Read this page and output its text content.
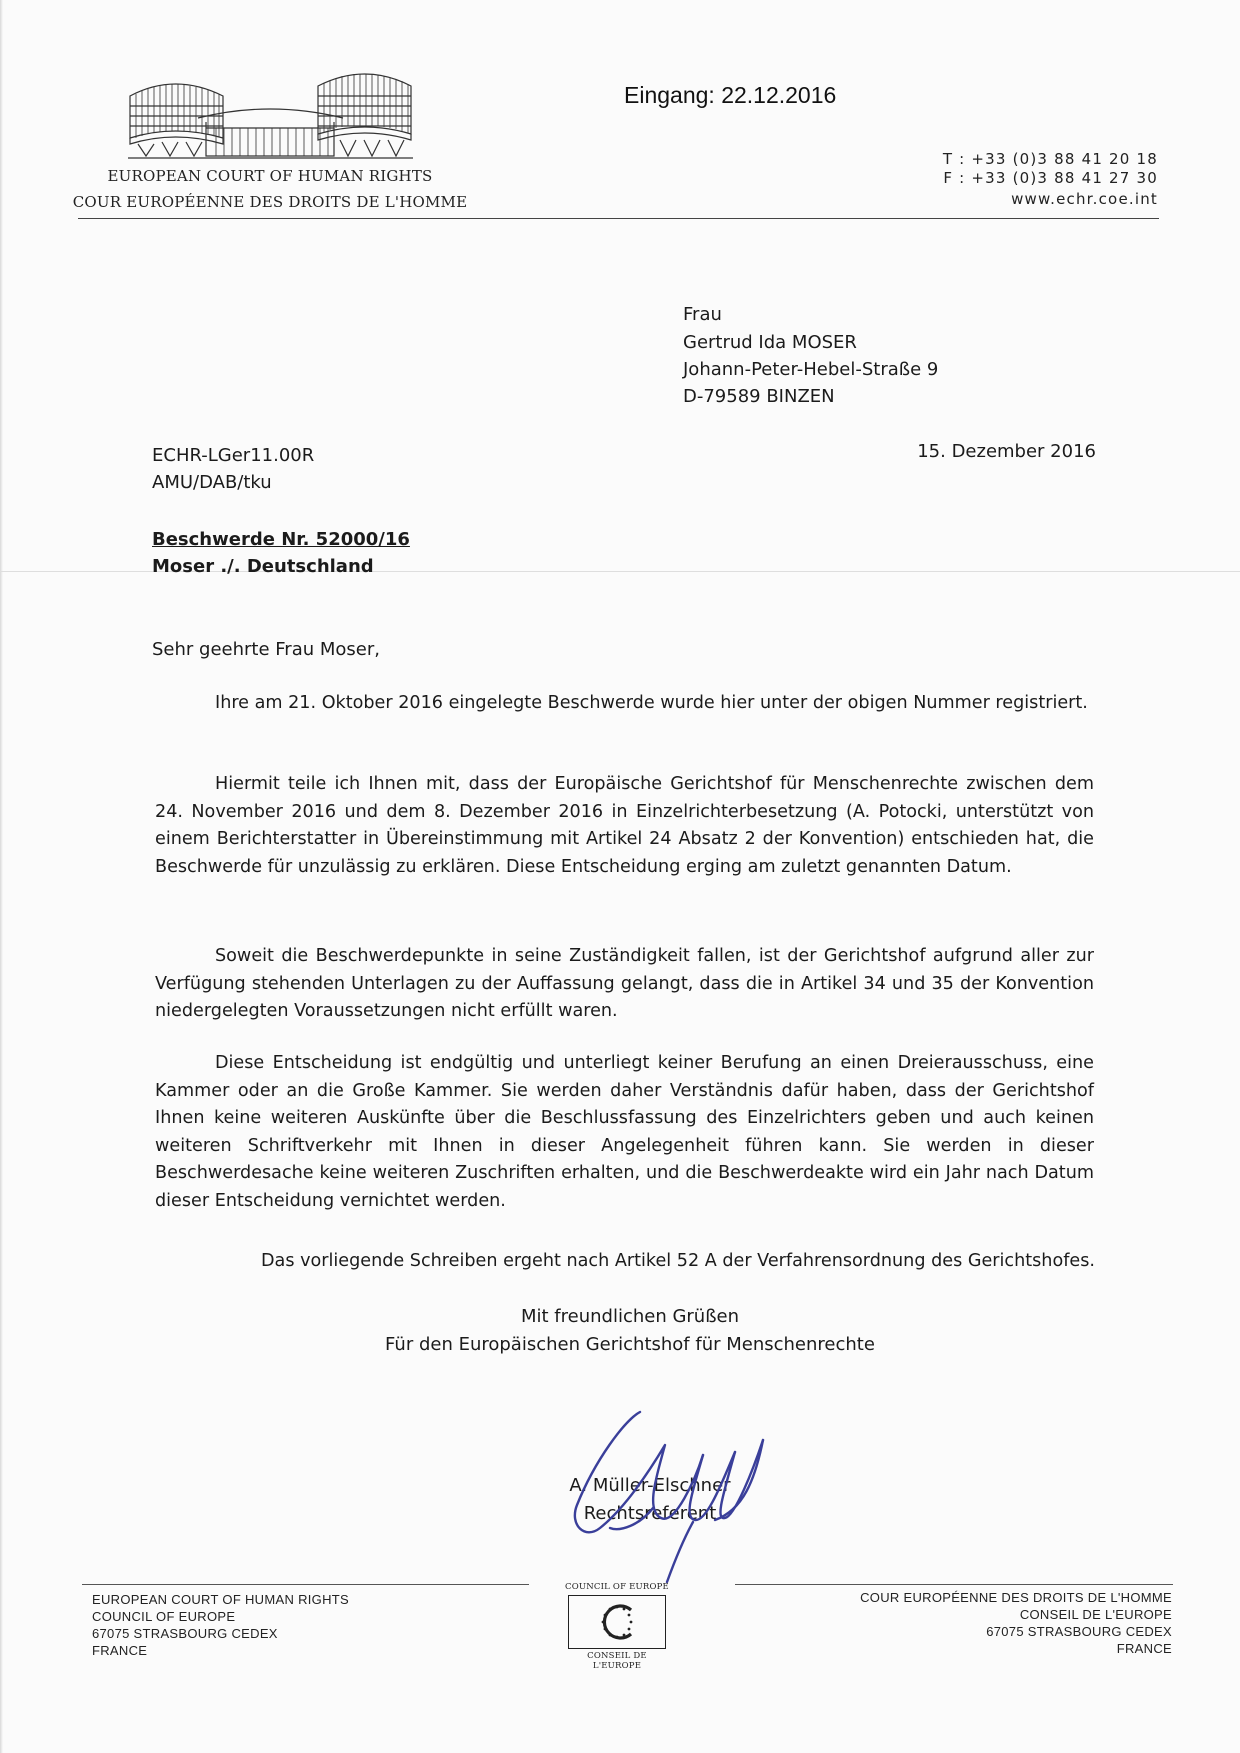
EUROPEAN COURT OF HUMAN RIGHTS
COUR EUROPÉENNE DES DROITS DE L'HOMME
Eingang: 22.12.2016
T : +33 (0)3 88 41 20 18
F : +33 (0)3 88 41 27 30
www.echr.coe.int
Frau
Gertrud Ida MOSER
Johann-Peter-Hebel-Straße 9
D-79589 BINZEN
ECHR-LGer11.00R
AMU/DAB/tku
15. Dezember 2016
Beschwerde Nr. 52000/16
Moser ./. Deutschland
Sehr geehrte Frau Moser,
Ihre am 21. Oktober 2016 eingelegte Beschwerde wurde hier unter der obigen Nummer registriert.
Hiermit teile ich Ihnen mit, dass der Europäische Gerichtshof für Menschenrechte zwischen dem 24. November 2016 und dem 8. Dezember 2016 in Einzelrichterbesetzung (A. Potocki, unterstützt von einem Berichterstatter in Übereinstimmung mit Artikel 24 Absatz 2 der Konvention) entschieden hat, die Beschwerde für unzulässig zu erklären. Diese Entscheidung erging am zuletzt genannten Datum.
Soweit die Beschwerdepunkte in seine Zuständigkeit fallen, ist der Gerichtshof aufgrund aller zur Verfügung stehenden Unterlagen zu der Auffassung gelangt, dass die in Artikel 34 und 35 der Konvention niedergelegten Voraussetzungen nicht erfüllt waren.
Diese Entscheidung ist endgültig und unterliegt keiner Berufung an einen Dreierausschuss, eine Kammer oder an die Große Kammer. Sie werden daher Verständnis dafür haben, dass der Gerichtshof Ihnen keine weiteren Auskünfte über die Beschlussfassung des Einzelrichters geben und auch keinen weiteren Schriftverkehr mit Ihnen in dieser Angelegenheit führen kann. Sie werden in dieser Beschwerdesache keine weiteren Zuschriften erhalten, und die Beschwerdeakte wird ein Jahr nach Datum dieser Entscheidung vernichtet werden.
Das vorliegende Schreiben ergeht nach Artikel 52 A der Verfahrensordnung des Gerichtshofes.
Mit freundlichen Grüßen
Für den Europäischen Gerichtshof für Menschenrechte
A. Müller-Elschner
Rechtsreferent
EUROPEAN COURT OF HUMAN RIGHTS
COUNCIL OF EUROPE
67075 STRASBOURG CEDEX
FRANCE
COUR EUROPÉENNE DES DROITS DE L'HOMME
CONSEIL DE L'EUROPE
67075 STRASBOURG CEDEX
FRANCE
COUNCIL OF EUROPE
CONSEIL DE L'EUROPE
